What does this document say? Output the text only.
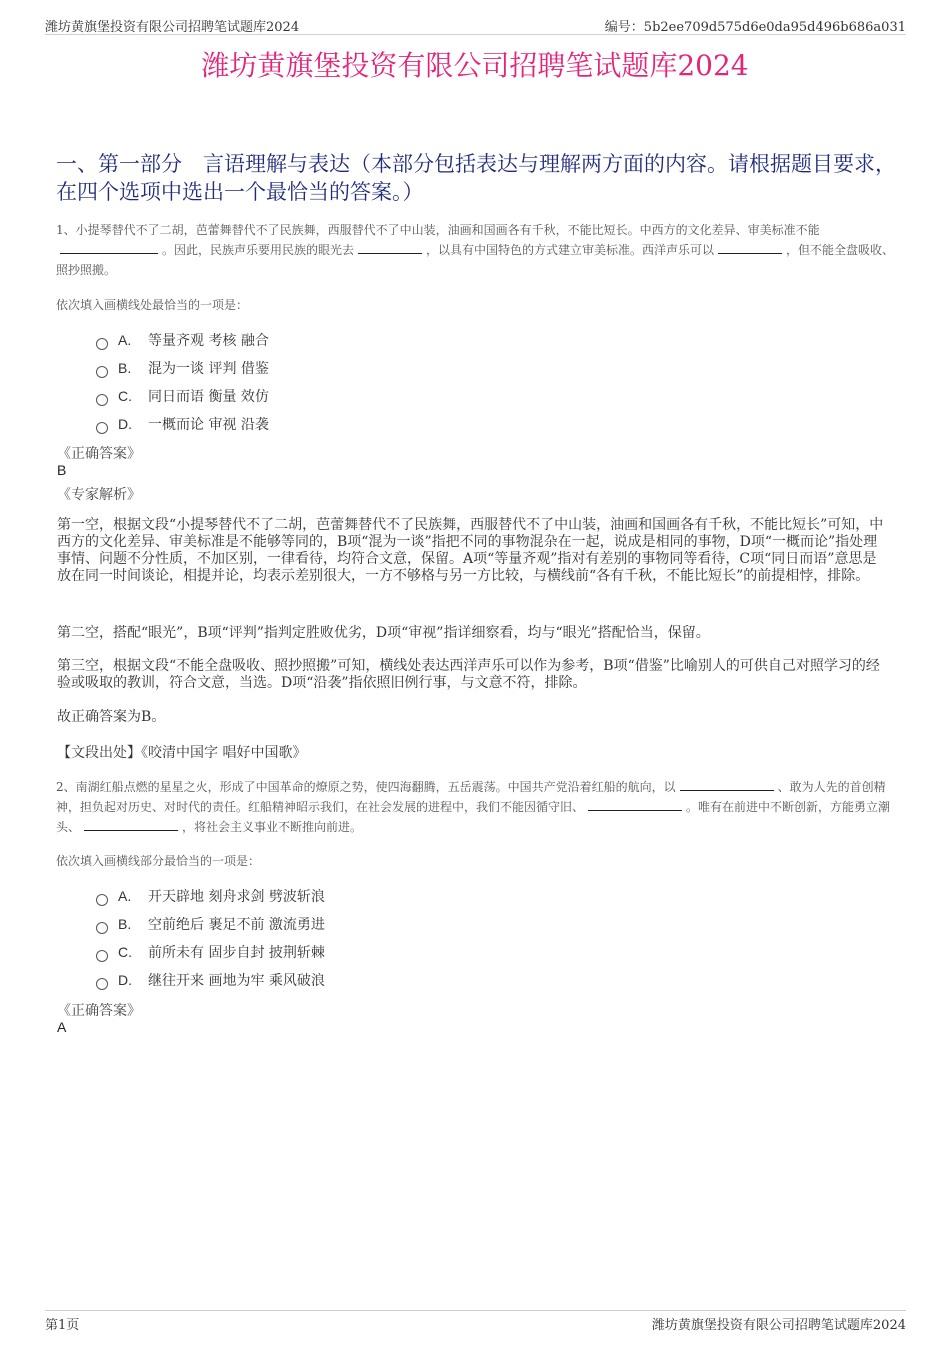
潍坊黄旗堡投资有限公司招聘笔试题库2024	编号：5b2ee709d575d6e0da95d496b686a031
潍坊黄旗堡投资有限公司招聘笔试题库2024
一、第一部分　言语理解与表达（本部分包括表达与理解两方面的内容。请根据题目要求，在四个选项中选出一个最恰当的答案。）
1、小提琴替代不了二胡，芭蕾舞替代不了民族舞，西服替代不了中山装，油画和国画各有千秋，不能比短长。中西方的文化差异、审美标准不能。因此，民族声乐要用民族的眼光去	，以具有中国特色的方式建立审美标准。西洋声乐可以	，但不能全盘吸收、照抄照搬。
依次填入画横线处最恰当的一项是：
A.	等量齐观 考核 融合
B.	混为一谈 评判 借鉴
C.	同日而语 衡量 效仿
D.	一概而论 审视 沿袭
《正确答案》
B
《专家解析》
第一空，根据文段“小提琴替代不了二胡，芭蕾舞替代不了民族舞，西服替代不了中山装，油画和国画各有千秋，不能比短长”可知，中西方的文化差异、审美标准是不能够等同的，B项“混为一谈”指把不同的事物混杂在一起，说成是相同的事物，D项“一概而论”指处理事情、问题不分性质，不加区别，一律看待，均符合文意，保留。A项“等量齐观”指对有差别的事物同等看待，C项“同日而语”意思是放在同一时间谈论，相提并论，均表示差别很大，一方不够格与另一方比较，与横线前“各有千秋，不能比短长”的前提相悖，排除。
第二空，搭配“眼光”，B项“评判”指判定胜败优劣，D项“审视”指详细察看，均与“眼光”搭配恰当，保留。
第三空，根据文段“不能全盘吸收、照抄照搬”可知，横线处表达西洋声乐可以作为参考，B项“借鉴”比喻别人的可供自己对照学习的经验或吸取的教训，符合文意，当选。D项“沿袭”指依照旧例行事，与文意不符，排除。
故正确答案为B。
【文段出处】《咬清中国字 唱好中国歌》
2、南湖红船点燃的星星之火，形成了中国革命的燎原之势，使四海翻腾，五岳震荡。中国共产党沿着红船的航向，以	、敢为人先的首创精神，担负起对历史、对时代的责任。红船精神昭示我们，在社会发展的进程中，我们不能因循守旧、	。唯有在前进中不断创新，方能勇立潮头、	，将社会主义事业不断推向前进。
依次填入画横线部分最恰当的一项是：
A.	开天辟地 刻舟求剑 劈波斩浪
B.	空前绝后 裹足不前 激流勇进
C.	前所未有 固步自封 披荆斩棘
D.	继往开来 画地为牢 乘风破浪
《正确答案》
A
第1页	潍坊黄旗堡投资有限公司招聘笔试题库2024
